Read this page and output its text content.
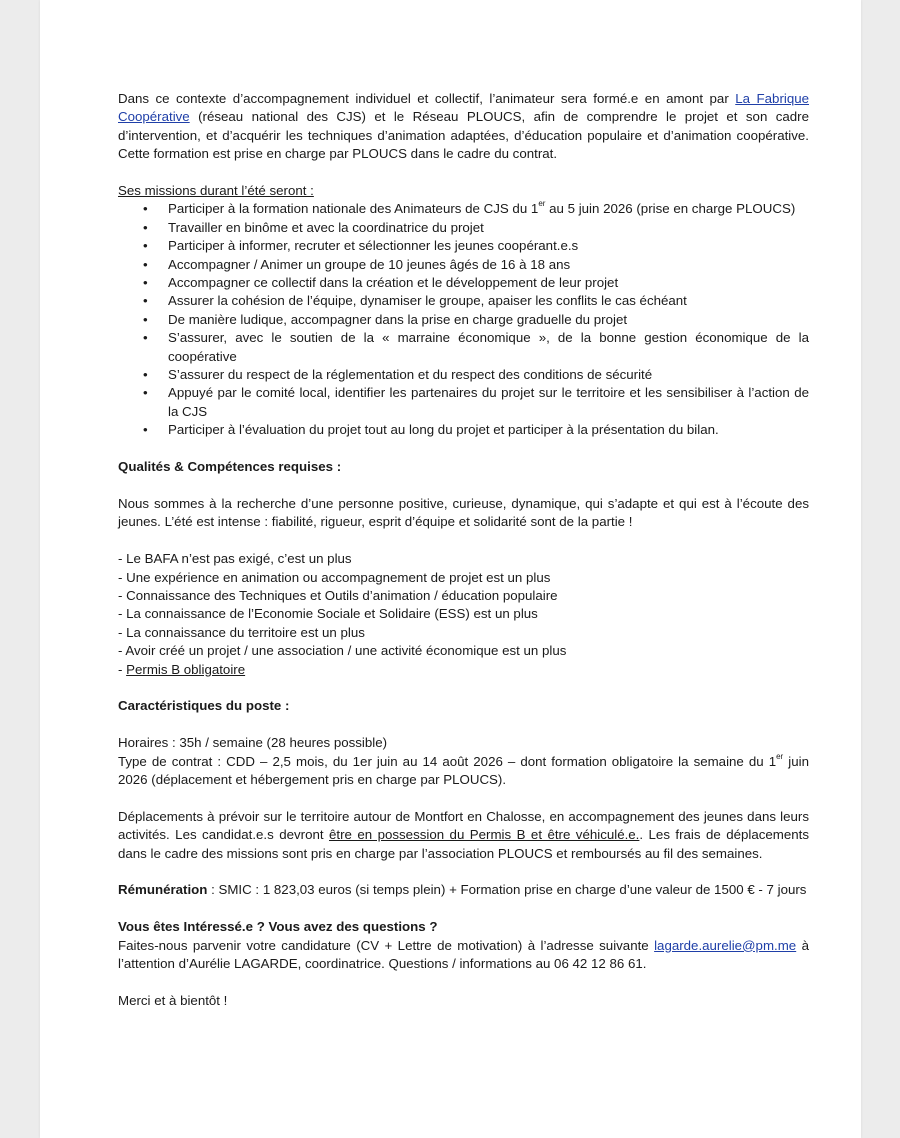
Dans ce contexte d’accompagnement individuel et collectif, l’animateur sera formé.e en amont par La Fabrique Coopérative (réseau national des CJS) et le Réseau PLOUCS, afin de comprendre le projet et son cadre d’intervention, et d’acquérir les techniques d’animation adaptées, d’éducation populaire et d’animation coopérative. Cette formation est prise en charge par PLOUCS dans le cadre du contrat.

Ses missions durant l’été seront :

• Participer à la formation nationale des Animateurs de CJS du 1er au 5 juin 2026 (prise en charge PLOUCS)
• Travailler en binôme et avec la coordinatrice du projet
• Participer à informer, recruter et sélectionner les jeunes coopérant.e.s
• Accompagner / Animer un groupe de 10 jeunes âgés de 16 à 18 ans
• Accompagner ce collectif dans la création et le développement de leur projet
• Assurer la cohésion de l’équipe, dynamiser le groupe, apaiser les conflits le cas échéant
• De manière ludique, accompagner dans la prise en charge graduelle du projet
• S’assurer, avec le soutien de la « marraine économique », de la bonne gestion économique de la coopérative
• S’assurer du respect de la réglementation et du respect des conditions de sécurité
• Appuyé par le comité local, identifier les partenaires du projet sur le territoire et les sensibiliser à l’action de la CJS
• Participer à l’évaluation du projet tout au long du projet et participer à la présentation du bilan.

Qualités & Compétences requises :

Nous sommes à la recherche d’une personne positive, curieuse, dynamique, qui s’adapte et qui est à l’écoute des jeunes. L’été est intense : fiabilité, rigueur, esprit d’équipe et solidarité sont de la partie !

- Le BAFA n’est pas exigé, c’est un plus

- Une expérience en animation ou accompagnement de projet est un plus

- Connaissance des Techniques et Outils d’animation / éducation populaire

- La connaissance de l’Economie Sociale et Solidaire (ESS) est un plus

- La connaissance du territoire est un plus

- Avoir créé un projet / une association / une activité économique est un plus

- Permis B obligatoire

Caractéristiques du poste :

Horaires : 35h / semaine (28 heures possible)

Type de contrat : CDD – 2,5 mois, du 1er juin au 14 août 2026 – dont formation obligatoire la semaine du 1er juin 2026 (déplacement et hébergement pris en charge par PLOUCS).

Déplacements à prévoir sur le territoire autour de Montfort en Chalosse, en accompagnement des jeunes dans leurs activités. Les candidat.e.s devront être en possession du Permis B et être véhiculé.e.. Les frais de déplacements dans le cadre des missions sont pris en charge par l’association PLOUCS et remboursés au fil des semaines.

Rémunération : SMIC : 1 823,03 euros (si temps plein) + Formation prise en charge d’une valeur de 1500 € - 7 jours

Vous êtes Intéressé.e ? Vous avez des questions ?

Faites-nous parvenir votre candidature (CV + Lettre de motivation) à l’adresse suivante lagarde.aurelie@pm.me à l’attention d’Aurélie LAGARDE, coordinatrice. Questions / informations au 06 42 12 86 61.

Merci et à bientôt !
